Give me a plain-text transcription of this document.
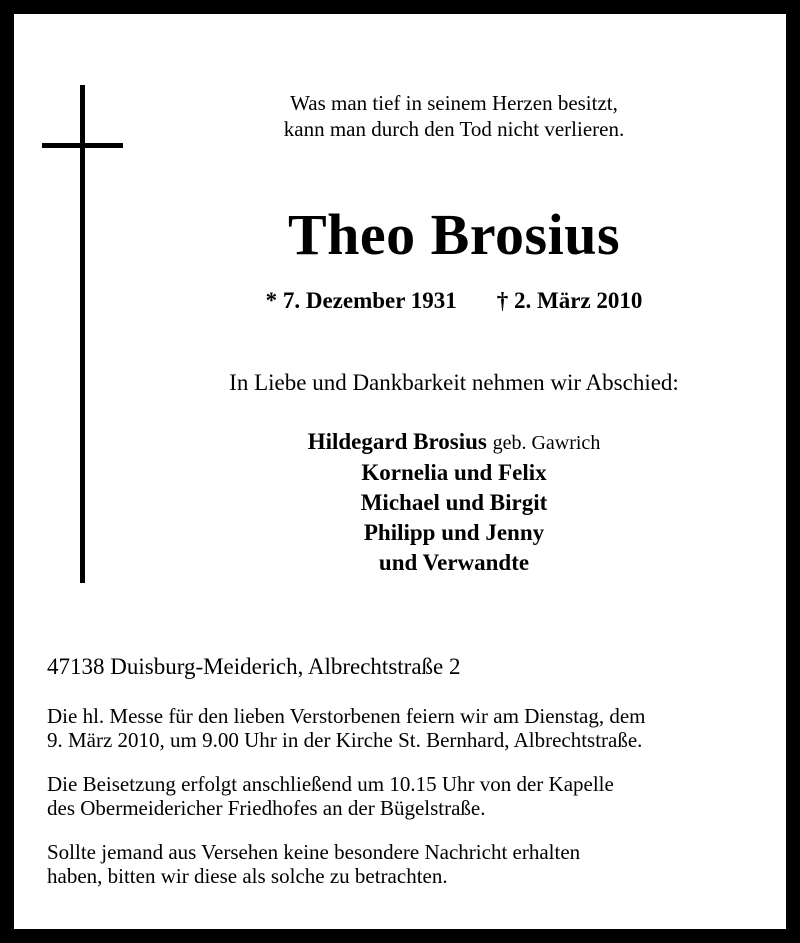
Was man tief in seinem Herzen besitzt,
kann man durch den Tod nicht verlieren.
Theo Brosius
* 7. Dezember 1931 † 2. März 2010
In Liebe und Dankbarkeit nehmen wir Abschied:
Hildegard Brosius geb. Gawrich
Kornelia und Felix
Michael und Birgit
Philipp und Jenny
und Verwandte
47138 Duisburg-Meiderich, Albrechtstraße 2
Die hl. Messe für den lieben Verstorbenen feiern wir am Dienstag, dem
9. März 2010, um 9.00 Uhr in der Kirche St. Bernhard, Albrechtstraße.
Die Beisetzung erfolgt anschließend um 10.15 Uhr von der Kapelle
des Obermeidericher Friedhofes an der Bügelstraße.
Sollte jemand aus Versehen keine besondere Nachricht erhalten
haben, bitten wir diese als solche zu betrachten.
